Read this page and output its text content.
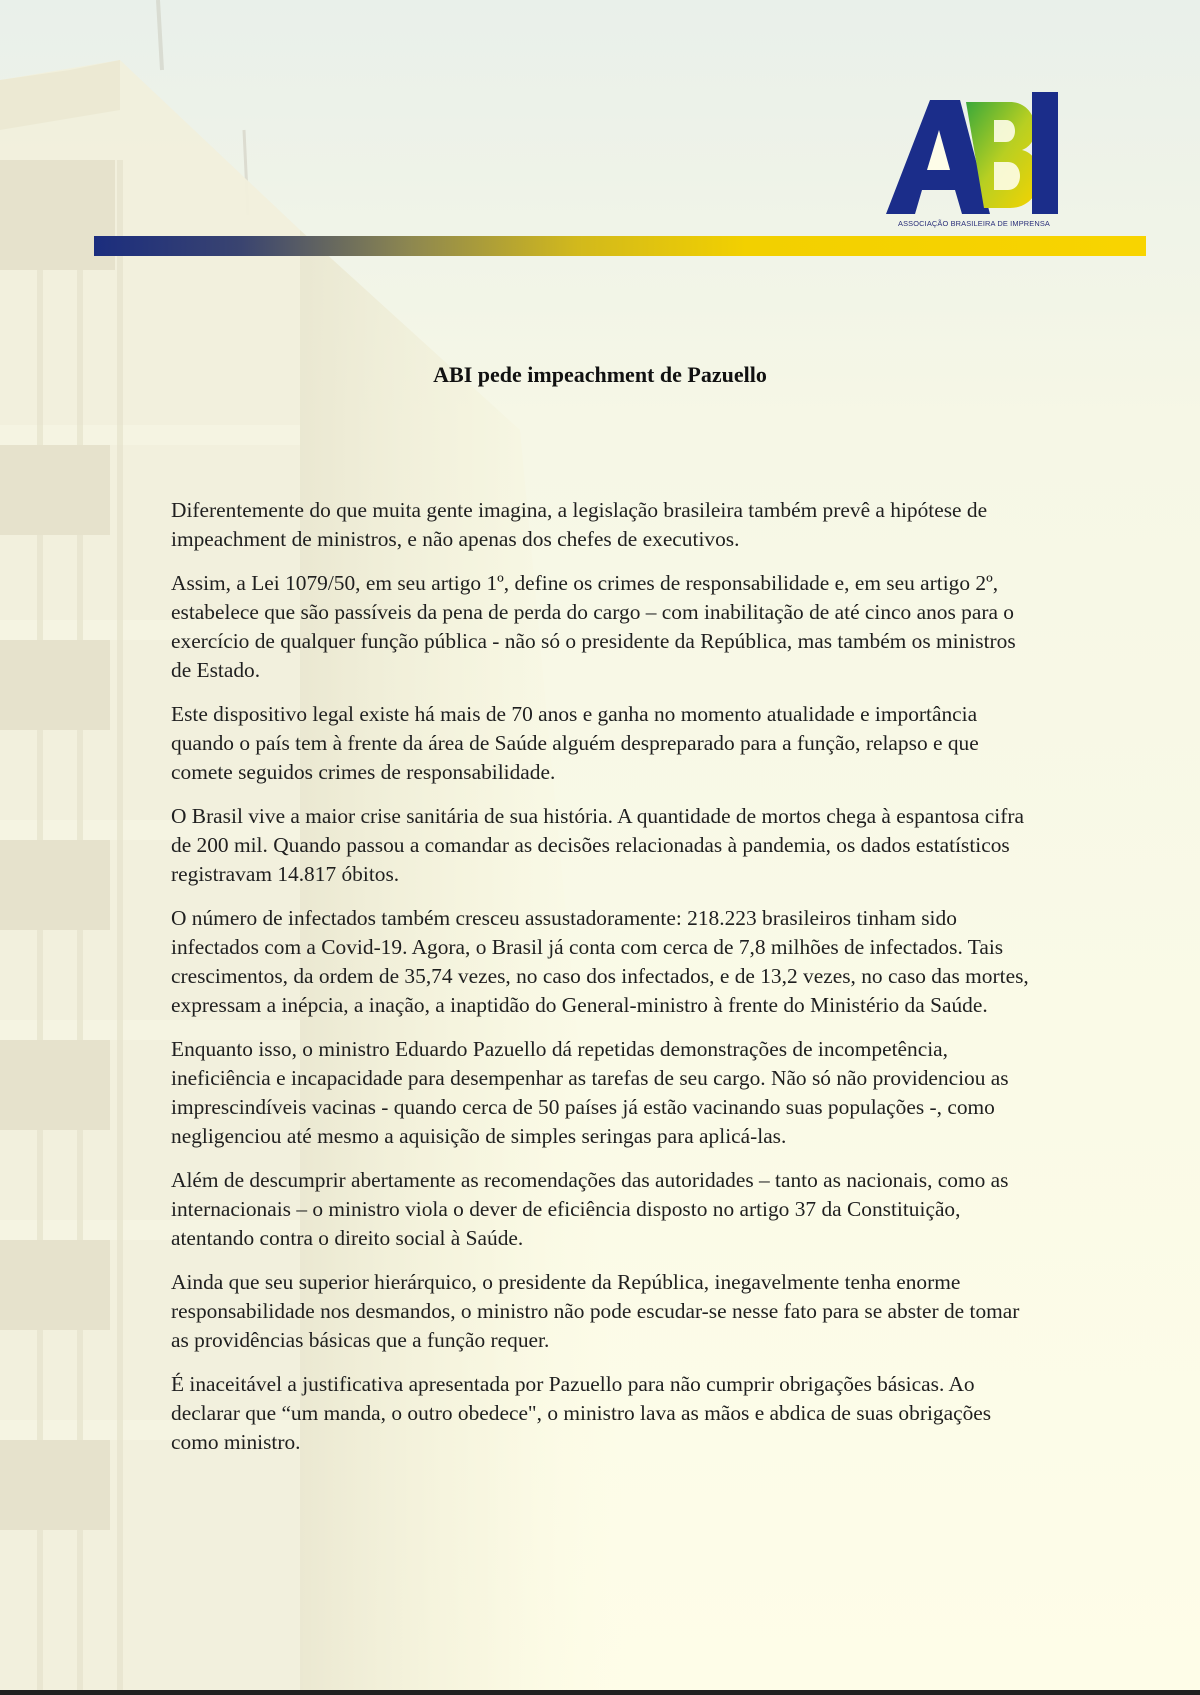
ASSOCIAÇÃO BRASILEIRA DE IMPRENSA
ABI pede impeachment de Pazuello

Diferentemente do que muita gente imagina, a legislação brasileira também prevê a hipótese de impeachment de ministros, e não apenas dos chefes de executivos.

Assim, a Lei 1079/50, em seu artigo 1º, define os crimes de responsabilidade e, em seu artigo 2º, estabelece que são passíveis da pena de perda do cargo – com inabilitação de até cinco anos para o exercício de qualquer função pública - não só o presidente da República, mas também os ministros de Estado.

Este dispositivo legal existe há mais de 70 anos e ganha no momento atualidade e importância quando o país tem à frente da área de Saúde alguém despreparado para a função, relapso e que comete seguidos crimes de responsabilidade.

O Brasil vive a maior crise sanitária de sua história. A quantidade de mortos chega à espantosa cifra de 200 mil. Quando passou a comandar as decisões relacionadas à pandemia, os dados estatísticos registravam 14.817 óbitos.

O número de infectados também cresceu assustadoramente: 218.223 brasileiros tinham sido infectados com a Covid-19. Agora, o Brasil já conta com cerca de 7,8 milhões de infectados. Tais crescimentos, da ordem de 35,74 vezes, no caso dos infectados, e de 13,2 vezes, no caso das mortes, expressam a inépcia, a inação, a inaptidão do General-ministro à frente do Ministério da Saúde.

Enquanto isso, o ministro Eduardo Pazuello dá repetidas demonstrações de incompetência, ineficiência e incapacidade para desempenhar as tarefas de seu cargo. Não só não providenciou as imprescindíveis vacinas - quando cerca de 50 países já estão vacinando suas populações -, como negligenciou até mesmo a aquisição de simples seringas para aplicá-las.

Além de descumprir abertamente as recomendações das autoridades – tanto as nacionais, como as internacionais – o ministro viola o dever de eficiência disposto no artigo 37 da Constituição, atentando contra o direito social à Saúde.

Ainda que seu superior hierárquico, o presidente da República, inegavelmente tenha enorme responsabilidade nos desmandos, o ministro não pode escudar-se nesse fato para se abster de tomar as providências básicas que a função requer.

É inaceitável a justificativa apresentada por Pazuello para não cumprir obrigações básicas. Ao declarar que “um manda, o outro obedece", o ministro lava as mãos e abdica de suas obrigações como ministro.
